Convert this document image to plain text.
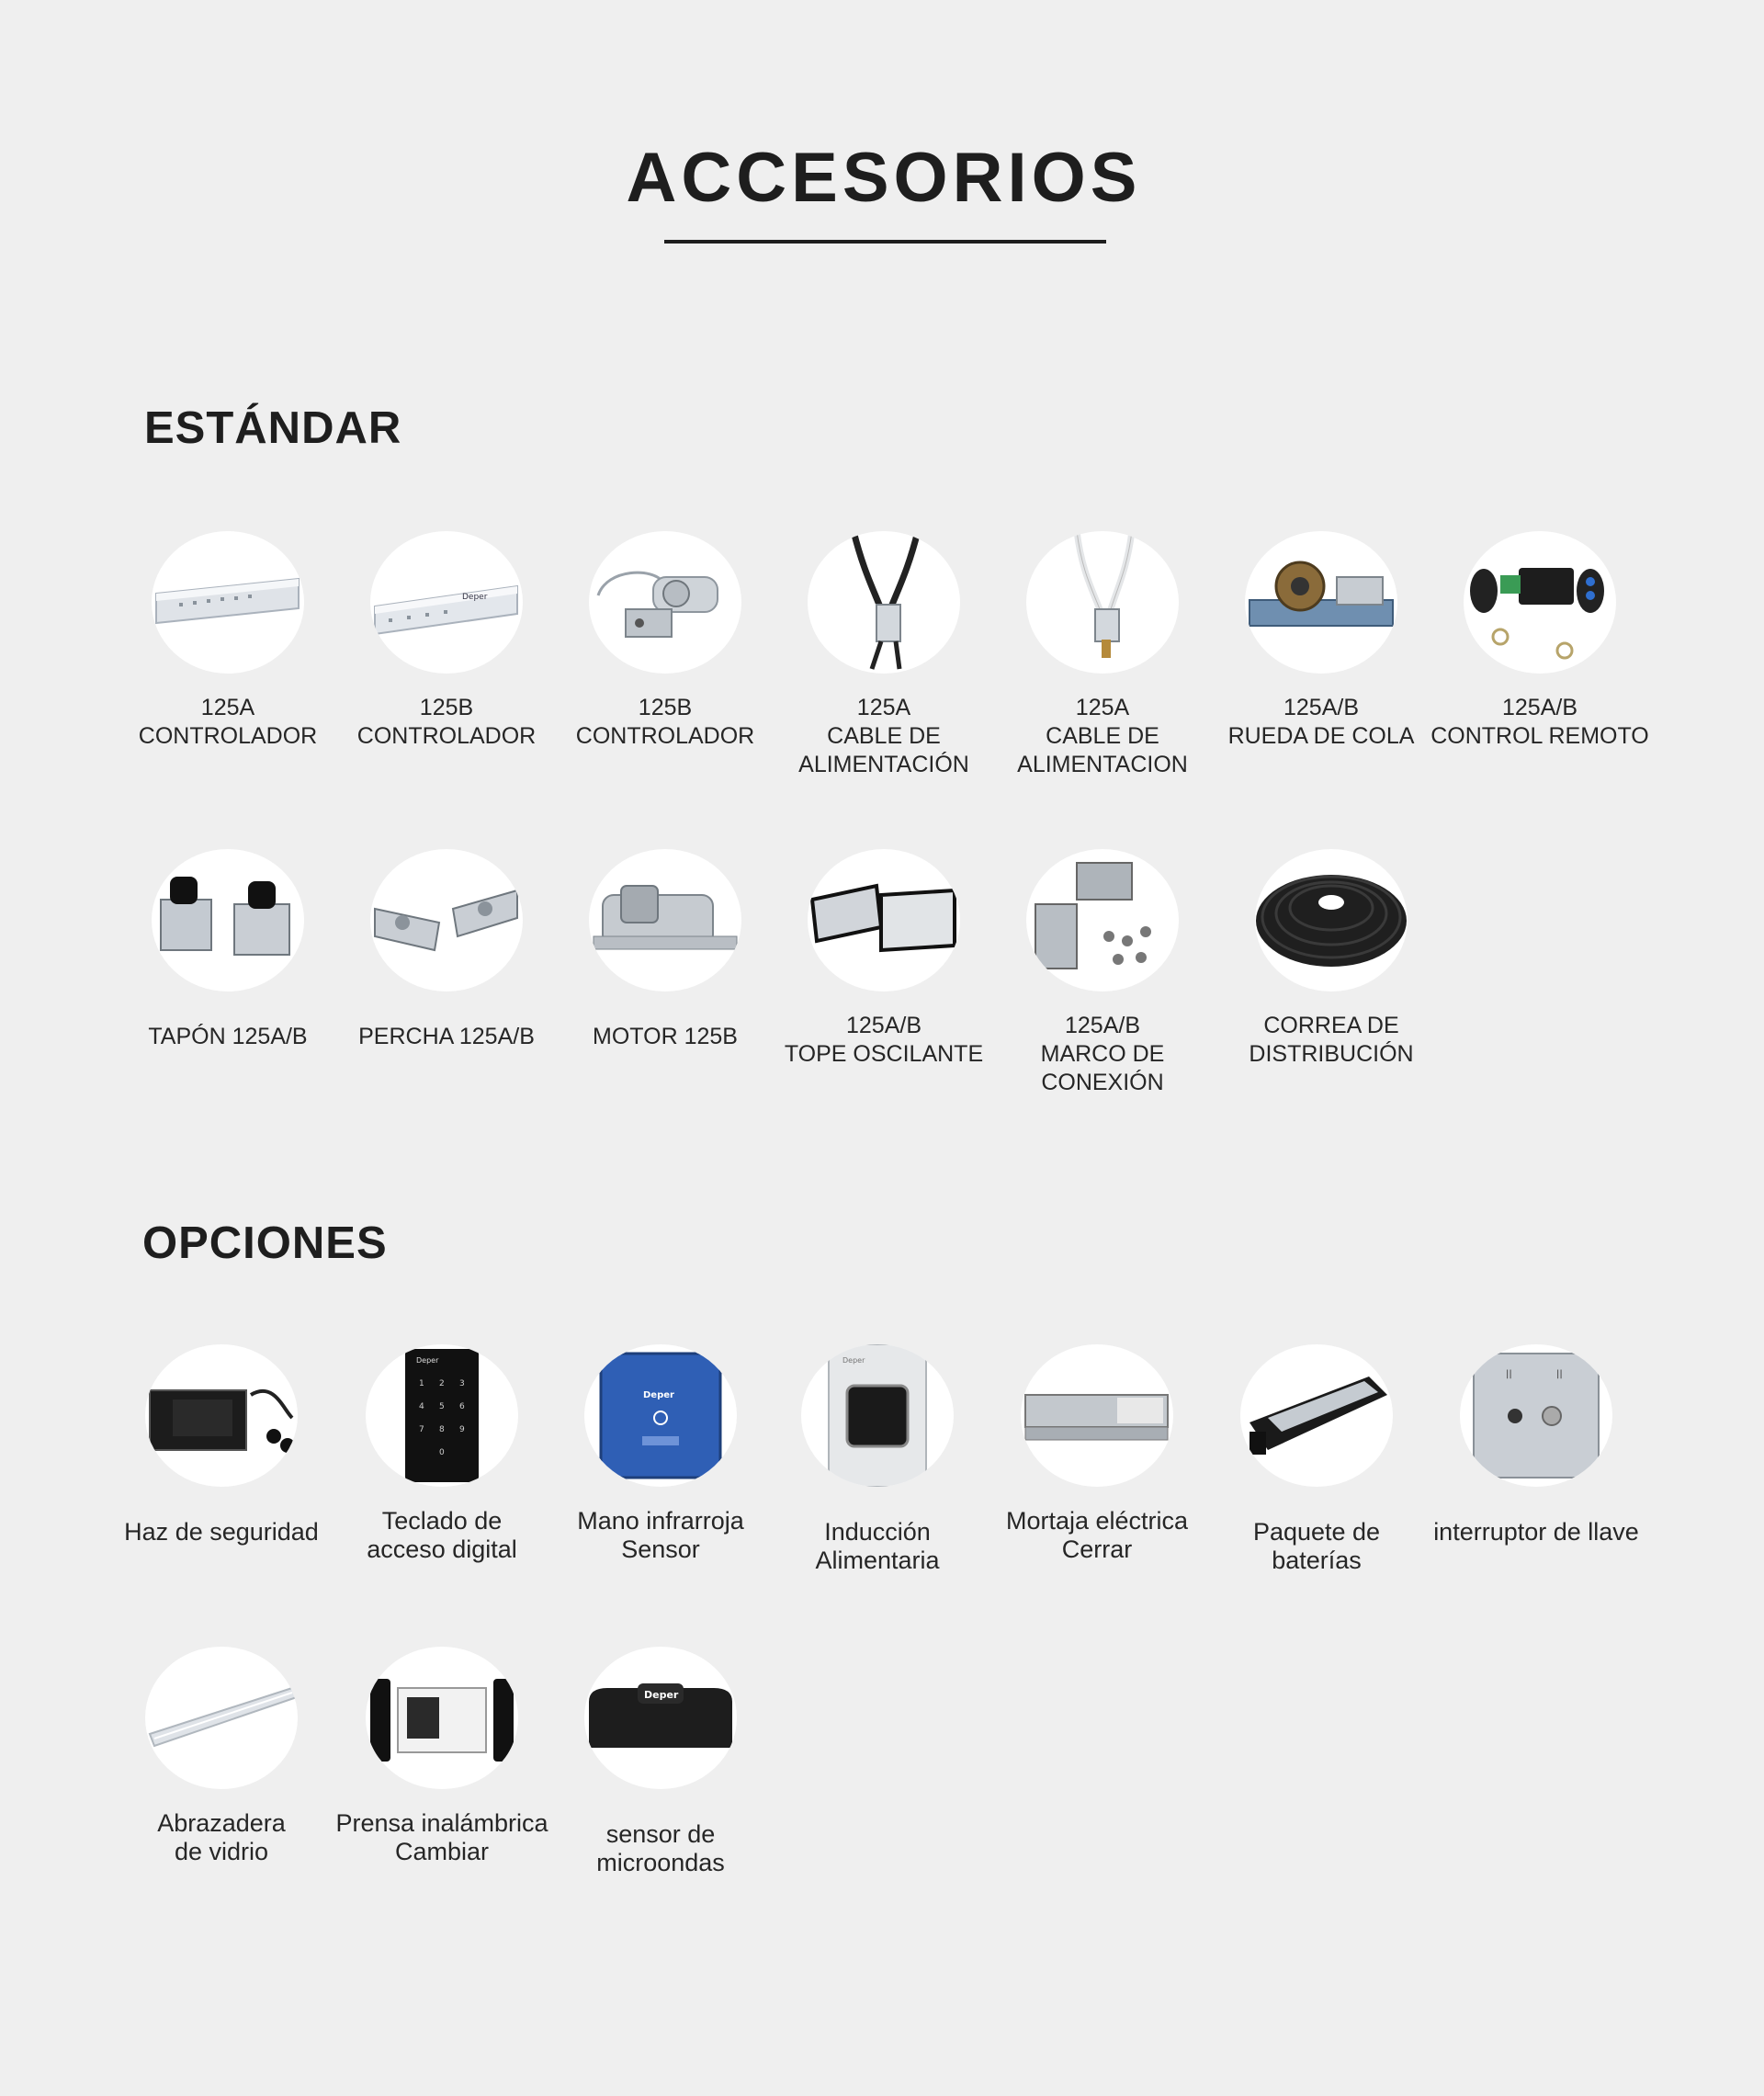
ACCESORIOS
ESTÁNDAR
125A
CONTROLADOR
Deper
125B
CONTROLADOR
125B
CONTROLADOR
125A
CABLE DE
ALIMENTACIÓN
125A
CABLE DE
ALIMENTACION
125A/B
RUEDA DE COLA
125A/B
CONTROL REMOTO
TAPÓN 125A/B	PERCHA 125A/B	MOTOR 125B	125A/B
TOPE OSCILANTE
125A/B
MARCO DE
CONEXIÓN
CORREA DE
DISTRIBUCIÓN
OPCIONES
Haz de seguridad
1 2 3
4 5 6
7 8 9
0
Deper
Teclado de
acceso digital
Deper
Mano infrarroja
Sensor
Deper
Inducción Alimentaria
Mortaja eléctrica
Cerrar
Paquete de baterías
||	||
interruptor de llave
Abrazadera
de vidrio
Prensa inalámbrica
Cambiar
Deper
sensor de microondas
